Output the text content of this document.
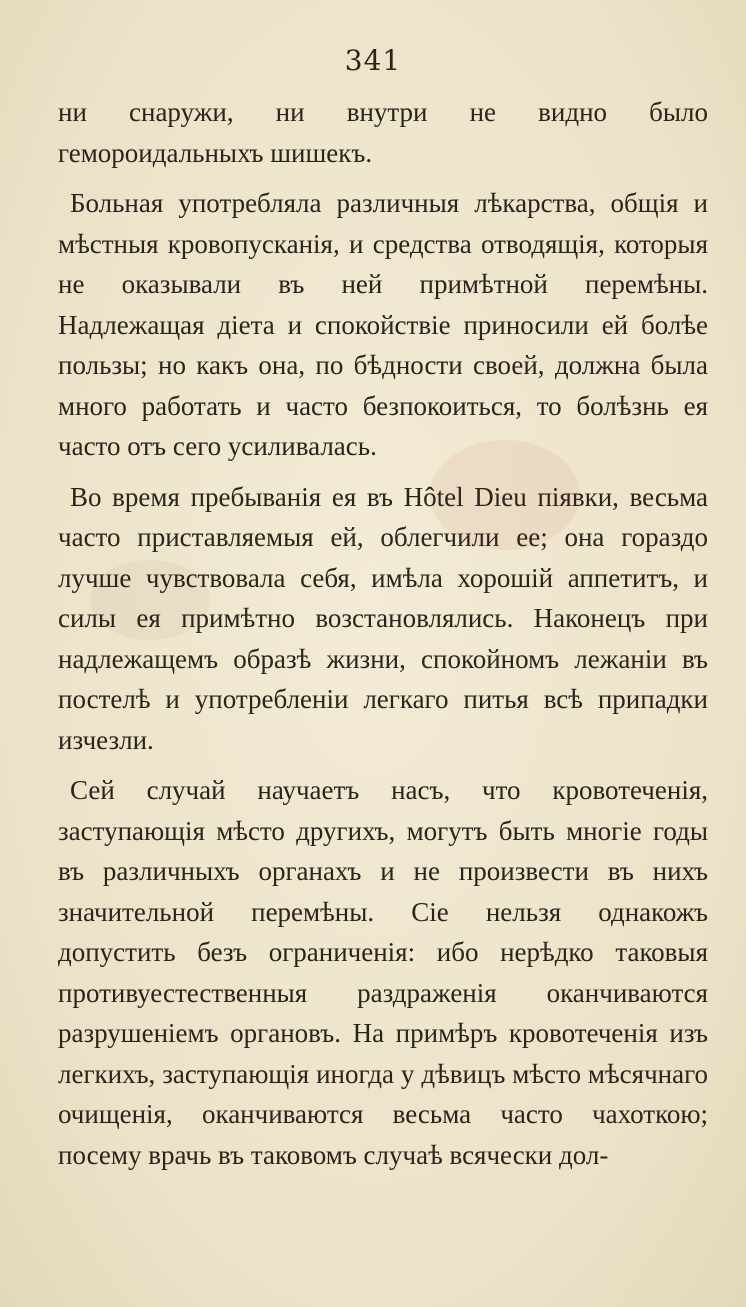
341

ни снаружи, ни внутри не видно было гемороидальныхъ шишекъ.

Больная употребляла различныя лѣкарства, общія и мѣстныя кровопусканія, и средства отводящія, которыя не оказывали въ ней примѣтной перемѣны. Надлежащая діета и спокойствіе приносили ей болѣе пользы; но какъ она, по бѣдности своей, должна была много работать и часто безпокоиться, то болѣзнь ея часто отъ сего усиливалась.

Во время пребыванія ея въ Hôtel Dieu піявки, весьма часто приставляемыя ей, облегчили ее; она гораздо лучше чувствовала себя, имѣла хорошій аппетитъ, и силы ея примѣтно возстановлялись. Наконецъ при надлежащемъ образѣ жизни, спокойномъ лежаніи въ постелѣ и употребленіи легкаго питья всѣ припадки изчезли.

Сей случай научаетъ насъ, что кровотеченія, заступающія мѣсто другихъ, могутъ быть многіе годы въ различныхъ органахъ и не произвести въ нихъ значительной перемѣны. Сіе нельзя однакожъ допустить безъ ограниченія: ибо нерѣдко таковыя противуестественныя раздраженія оканчиваются разрушеніемъ органовъ. На примѣръ кровотеченія изъ легкихъ, заступающія иногда у дѣвицъ мѣсто мѣсячнаго очищенія, оканчиваются весьма часто чахоткою; посему врачь въ таковомъ случаѣ всячески дол-
